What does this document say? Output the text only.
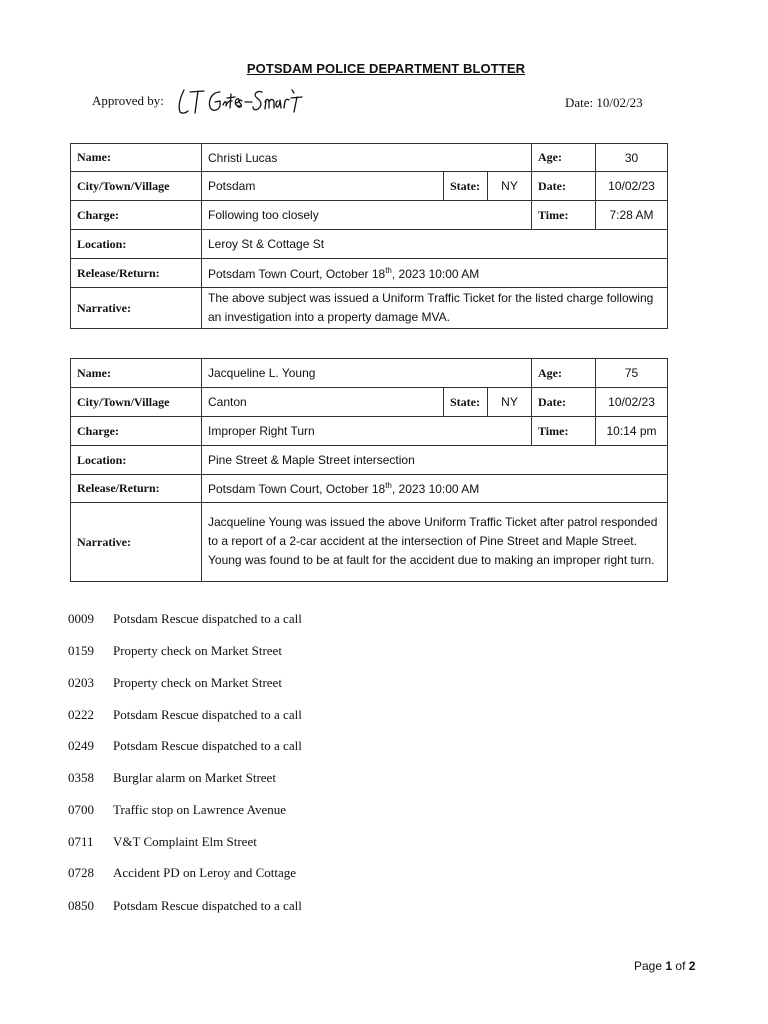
POTSDAM POLICE DEPARTMENT BLOTTER
Approved by:	Date: 10/02/23
Name:	Christi Lucas			Age:	30
City/Town/Village	Potsdam	State:	NY	Date:	10/02/23
Charge:	Following too closely			Time:	7:28 AM
Location:	Leroy St & Cottage St				
Release/Return:	Potsdam Town Court, October 18th, 2023 10:00 AM				
Narrative:	The above subject was issued a Uniform Traffic Ticket for the listed charge following an investigation into a property damage MVA.				
Name:	Jacqueline L. Young			Age:	75
City/Town/Village	Canton	State:	NY	Date:	10/02/23
Charge:	Improper Right Turn			Time:	10:14 pm
Location:	Pine Street & Maple Street intersection				
Release/Return:	Potsdam Town Court, October 18th, 2023 10:00 AM				
Narrative:	Jacqueline Young was issued the above Uniform Traffic Ticket after patrol responded to a report of a 2-car accident at the intersection of Pine Street and Maple Street. Young was found to be at fault for the accident due to making an improper right turn.				
0009 Potsdam Rescue dispatched to a call
0159 Property check on Market Street
0203 Property check on Market Street
0222 Potsdam Rescue dispatched to a call
0249 Potsdam Rescue dispatched to a call
0358 Burglar alarm on Market Street
0700 Traffic stop on Lawrence Avenue
0711 V&T Complaint Elm Street
0728 Accident PD on Leroy and Cottage
0850 Potsdam Rescue dispatched to a call
Page 1 of 2
